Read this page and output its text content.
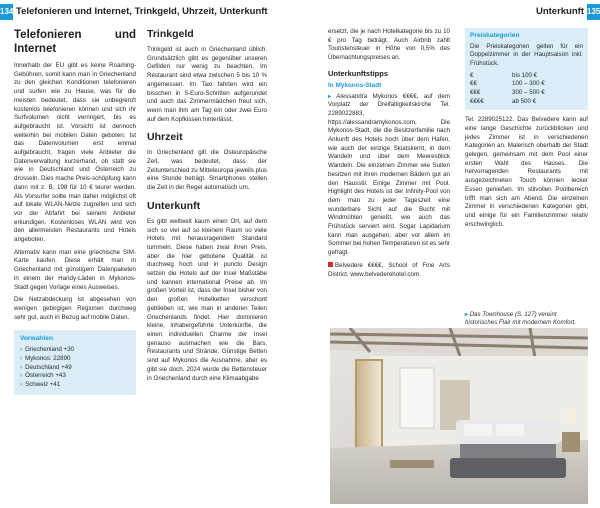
134 Telefonieren und Internet, Trinkgeld, Uhrzeit, Unterkunft	Unterkunft 135
Telefonieren und Internet

Innerhalb der EU gibt es keine Roaming-Gebühren, somit kann man in Griechenland zu den gleichen Konditionen telefonieren und surfen wie zu Hause, was für die meisten bedeutet, dass sie unbegrenzt kostenlos telefonieren können und sich ihr Surfvolumen nicht verringert, bis es aufgebraucht ist. Vorsicht ist dennoch weiterhin bei mobilen Daten geboten: Ist das Datenvolumen erst einmal aufgebraucht, fragen viele Anbieter die Datenverwaltung kurzerhand, ob statt sie wie in Deutschland und Österreich zu drosseln. Dies mache Preis-schöpfung kann dann mit z. B. 198 für 10 € teurer werden. Als Vorsurfer sollte man daher möglichst oft auf lokale WLAN-Netze zugreifen und sich vor der Abfahrt bei seinem Anbieter erkundigen. Kostenloses WLAN wird von den allermeisten Restaurants und Hotels angeboten.

Alternativ kann man eine griechische SIM-Karte kaufen. Diese erhält man in Griechenland mit günstigem Datenpaketen in einem der Handy-Läden in Mykonos-Stadt gegen Vorlage eines Ausweises.

Die Netzabdeckung ist abgesehen von wenigen gebirgigen Regionen durchweg sehr gut, auch in Bezug auf mobile Daten.

Vorwahlen
› Griechenland +30
› Mykonos: 22890
› Deutschland +49
› Österreich +43
› Schweiz +41
Trinkgeld

Trinkgeld ist auch in Griechenland üblich. Grundsätzlich gibt es gegenüber unseren Gefilden nur wenig zu beachten. Im Restaurant sind etwa zwischen 5 bis 10 % angemessen. Im Taxi fahrten wird ein bisschen in 5-Euro-Schritten aufgerundet und auch das Zimmermädchen freut sich, wenn man ihm am Tag ein oder zwei Euro auf dem Kopfkissen hinterlässt.

Uhrzeit

In Griechenland gilt die Osteuropäische Zeit, was bedeutet, dass der Zeitunterschied zu Mitteleuropa jeweils plus eine Stunde beträgt. Smartphones stellen die Zeit in der Regel automatisch um.

Unterkunft

Es gibt weltweit kaum einen Ort, auf dem sich so viel auf so kleinem Raum so viele Hotels mit herausragendem Standard tummeln. Diese haben zwar ihren Preis, aber die hier gebotene Qualität ist durchweg hoch und in puncto Design setzen die Hotels auf der Insel Maßstäbe und kannen international Preise ab. Im großen Vorteil ist, dass der Insel bisher von den großen Hotelketten verschont geblieben ist, wie man in anderen Teilen Griechenlands findet. Hier dominieren kleine, inhabergeführte Unterkünfte, die einen individuellen Charme der Insel genauso ausmachen wie die Bars, Restaurants und Strände. Günstige Betten sind auf Mykonos die Ausnahme, aber es gibt sie doch. 2024 wurde die Bettensteuer in Griechenland durch eine Klimaabgabe

ersetzt, die je nach Hotelkategorie bis zu 10 € pro Tag beträgt. Auch Airbnb zahlt Touristensteuer in Höhe von 0,5% des Übernachtungspreises an.

Unterkunftstipps
In Mykonos-Stadt

▸ Alessandra Mykonos €€€€, auf dem Vorplatz der Dreifaltigkeitskirche Tel. 2289022883, https://alessandramykonos.com. Die Mykonos-Stadt, die die Besitzerfamilie nach Ankunft des Hotels hoch über dem Hafen, wie auch der einzige Skiatskernt, in dem Wandeln und über dem Meeresblick Wandeln. Die einzelnen Zimmer wie Suiten besitzen mit ihren modernen Bädern gut an den Hausstil. Einige Zimmer mit Pool. Highlight des Hotels ist der Infinity-Pool von dem man zu jeder Tageszeit eine wunderbare Sicht auf die Bucht mit Windmühlen genießt, wie auch das Frühstück serviert wird. Sogar Lapidarium kann man ausgehen, aber vor allem im Sommer bei hohen Temperaturen ist es sehr gefragt.

Belvedere €€€€, School of Fine Arts District, www.belvederehotel.com.

Preiskategorien
Die Preiskategorien gelten für ein Doppelzimmer in der Hauptsaison inkl. Frühstück.
€	bis 100 €
€€	100 – 300 €
€€€	300 – 500 €
€€€€	ab 500 €

Tel. 2289025122. Das Belvedere kann auf eine lange Geschichte zurückblicken und jedes Zimmer ist in verschiedenen Kategorien an. Malerisch oberhalb der Stadt gelegen, gemeinsam mit dem Pool einer ersten Wahl des Hauses. Die hervorragenden Restaurants mit ausgezeichneten Touch können lecker Essen genießen. Im stilvollen Poolbereich trifft man sich am Abend. Die einzelnen Zimmer in verschiedenen Kategorien gibt, und einige für ein Familienzimmer relativ erschwinglich.

▸ Das Townhouse (S. 127) vereint historisches Flair mit modernem Komfort.
